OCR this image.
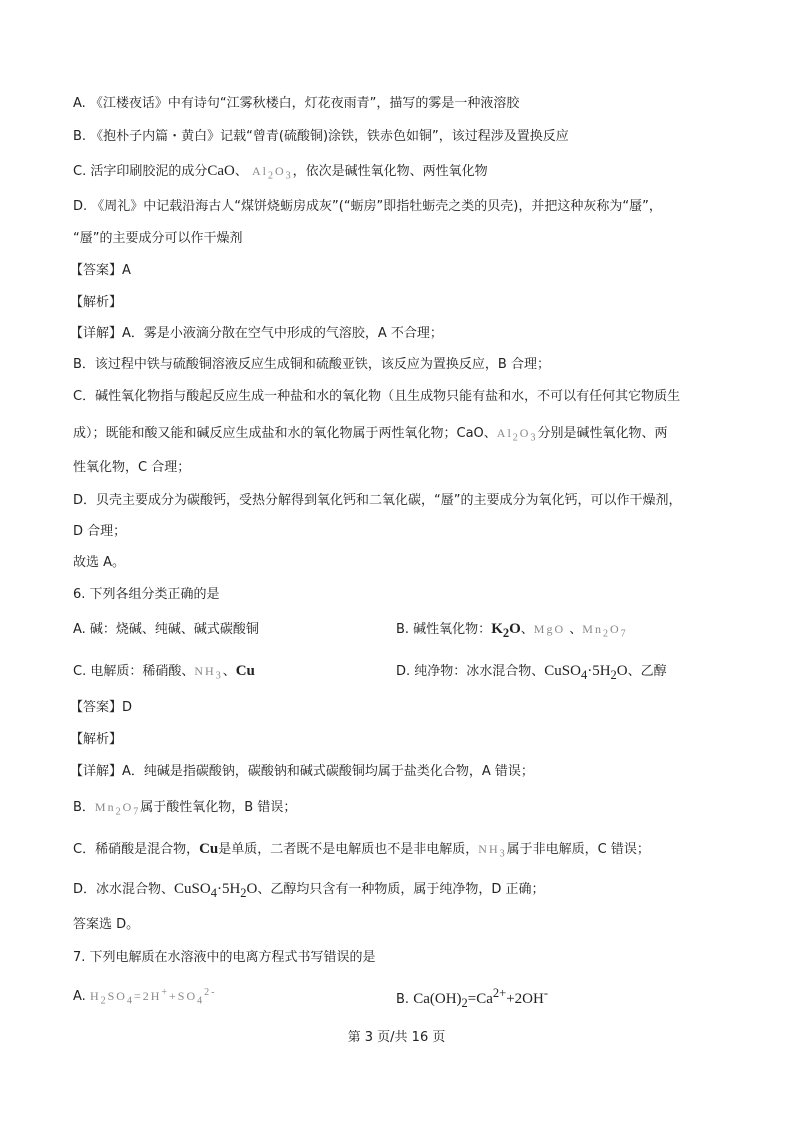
A. 《江楼夜话》中有诗句“江雾秋楼白，灯花夜雨青”，描写的雾是一种液溶胶
B. 《抱朴子内篇・黄白》记载“曾青(硫酸铜)涂铁，铁赤色如铜”，该过程涉及置换反应
C. 活字印刷胶泥的成分CaO、 $Al_2O_3$，依次是碱性氧化物、两性氧化物
D. 《周礼》中记载沿海古人“煤饼烧蛎房成灰”(“蛎房”即指牡蛎壳之类的贝壳)，并把这种灰称为“蜃”，
“蜃”的主要成分可以作干燥剂
【答案】A
【解析】
【详解】A．雾是小液滴分散在空气中形成的气溶胶，A 不合理；
B．该过程中铁与硫酸铜溶液反应生成铜和硫酸亚铁，该反应为置换反应，B 合理；
C．碱性氧化物指与酸起反应生成一种盐和水的氧化物（且生成物只能有盐和水，不可以有任何其它物质生
成）；既能和酸又能和碱反应生成盐和水的氧化物属于两性氧化物；CaO、$Al_2O_3$分别是碱性氧化物、两
性氧化物，C 合理；
D．贝壳主要成分为碳酸钙，受热分解得到氧化钙和二氧化碳，“蜃”的主要成分为氧化钙，可以作干燥剂，
D 合理；
故选 A。
6. 下列各组分类正确的是
A. 碱：烧碱、纯碱、碱式碳酸铜	B. 碱性氧化物：$K_2O$、MgO 、$Mn_2O_7$
C. 电解质：稀硝酸、$NH_3$、Cu	D. 纯净物：冰水混合物、$CuSO_4\cdot 5H_2O$、乙醇
【答案】D
【解析】
【详解】A．纯碱是指碳酸钠，碳酸钠和碱式碳酸铜均属于盐类化合物，A 错误；
B．$Mn_2O_7$属于酸性氧化物，B 错误；
C．稀硝酸是混合物，Cu是单质，二者既不是电解质也不是非电解质，$NH_3$属于非电解质，C 错误；
D．冰水混合物、$CuSO_4\cdot 5H_2O$、乙醇均只含有一种物质，属于纯净物，D 正确；
答案选 D。
7. 下列电解质在水溶液中的电离方程式书写错误的是
A. $H_2SO_4=2H^++SO_4^{2-}$	B. $Ca(OH)_2=Ca^{2+}+2OH^-$
第 3 页/共 16 页
